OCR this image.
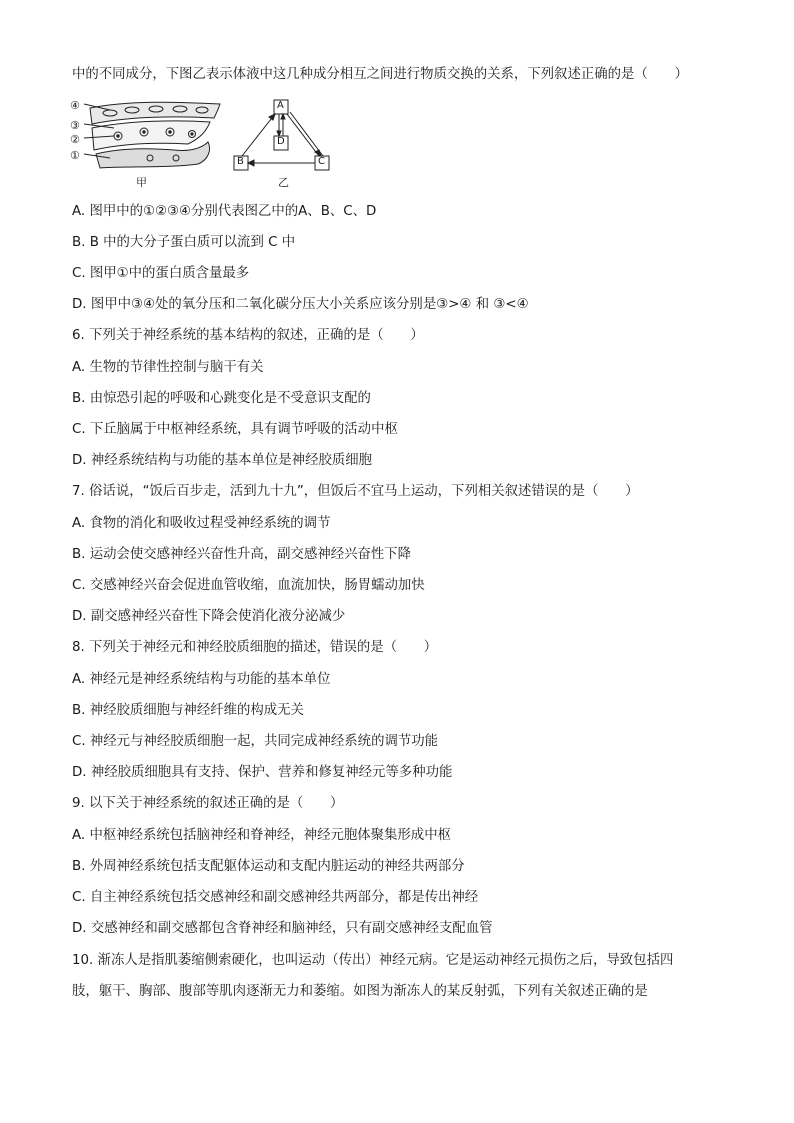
中的不同成分，下图乙表示体液中这几种成分相互之间进行物质交换的关系，下列叙述正确的是（　　）
④
③
②
①
A
D
B	C
甲	乙
A. 图甲中的①②③④分别代表图乙中的A、B、C、D
B. B 中的大分子蛋白质可以流到 C 中
C. 图甲①中的蛋白质含量最多
D. 图甲中③④处的氧分压和二氧化碳分压大小关系应该分别是③>④ 和 ③<④
6. 下列关于神经系统的基本结构的叙述，正确的是（　　）
A. 生物的节律性控制与脑干有关
B. 由惊恐引起的呼吸和心跳变化是不受意识支配的
C. 下丘脑属于中枢神经系统，具有调节呼吸的活动中枢
D. 神经系统结构与功能的基本单位是神经胶质细胞
7. 俗话说，“饭后百步走，活到九十九”，但饭后不宜马上运动，下列相关叙述错误的是（　　）
A. 食物的消化和吸收过程受神经系统的调节
B. 运动会使交感神经兴奋性升高，副交感神经兴奋性下降
C. 交感神经兴奋会促进血管收缩，血流加快，肠胃蠕动加快
D. 副交感神经兴奋性下降会使消化液分泌减少
8. 下列关于神经元和神经胶质细胞的描述，错误的是（　　）
A. 神经元是神经系统结构与功能的基本单位
B. 神经胶质细胞与神经纤维的构成无关
C. 神经元与神经胶质细胞一起，共同完成神经系统的调节功能
D. 神经胶质细胞具有支持、保护、营养和修复神经元等多种功能
9. 以下关于神经系统的叙述正确的是（　　）
A. 中枢神经系统包括脑神经和脊神经，神经元胞体聚集形成中枢
B. 外周神经系统包括支配躯体运动和支配内脏运动的神经共两部分
C. 自主神经系统包括交感神经和副交感神经共两部分，都是传出神经
D. 交感神经和副交感都包含脊神经和脑神经，只有副交感神经支配血管
10. 渐冻人是指肌萎缩侧索硬化，也叫运动（传出）神经元病。它是运动神经元损伤之后，导致包括四
肢，躯干、胸部、腹部等肌肉逐渐无力和萎缩。如图为渐冻人的某反射弧，下列有关叙述正确的是
